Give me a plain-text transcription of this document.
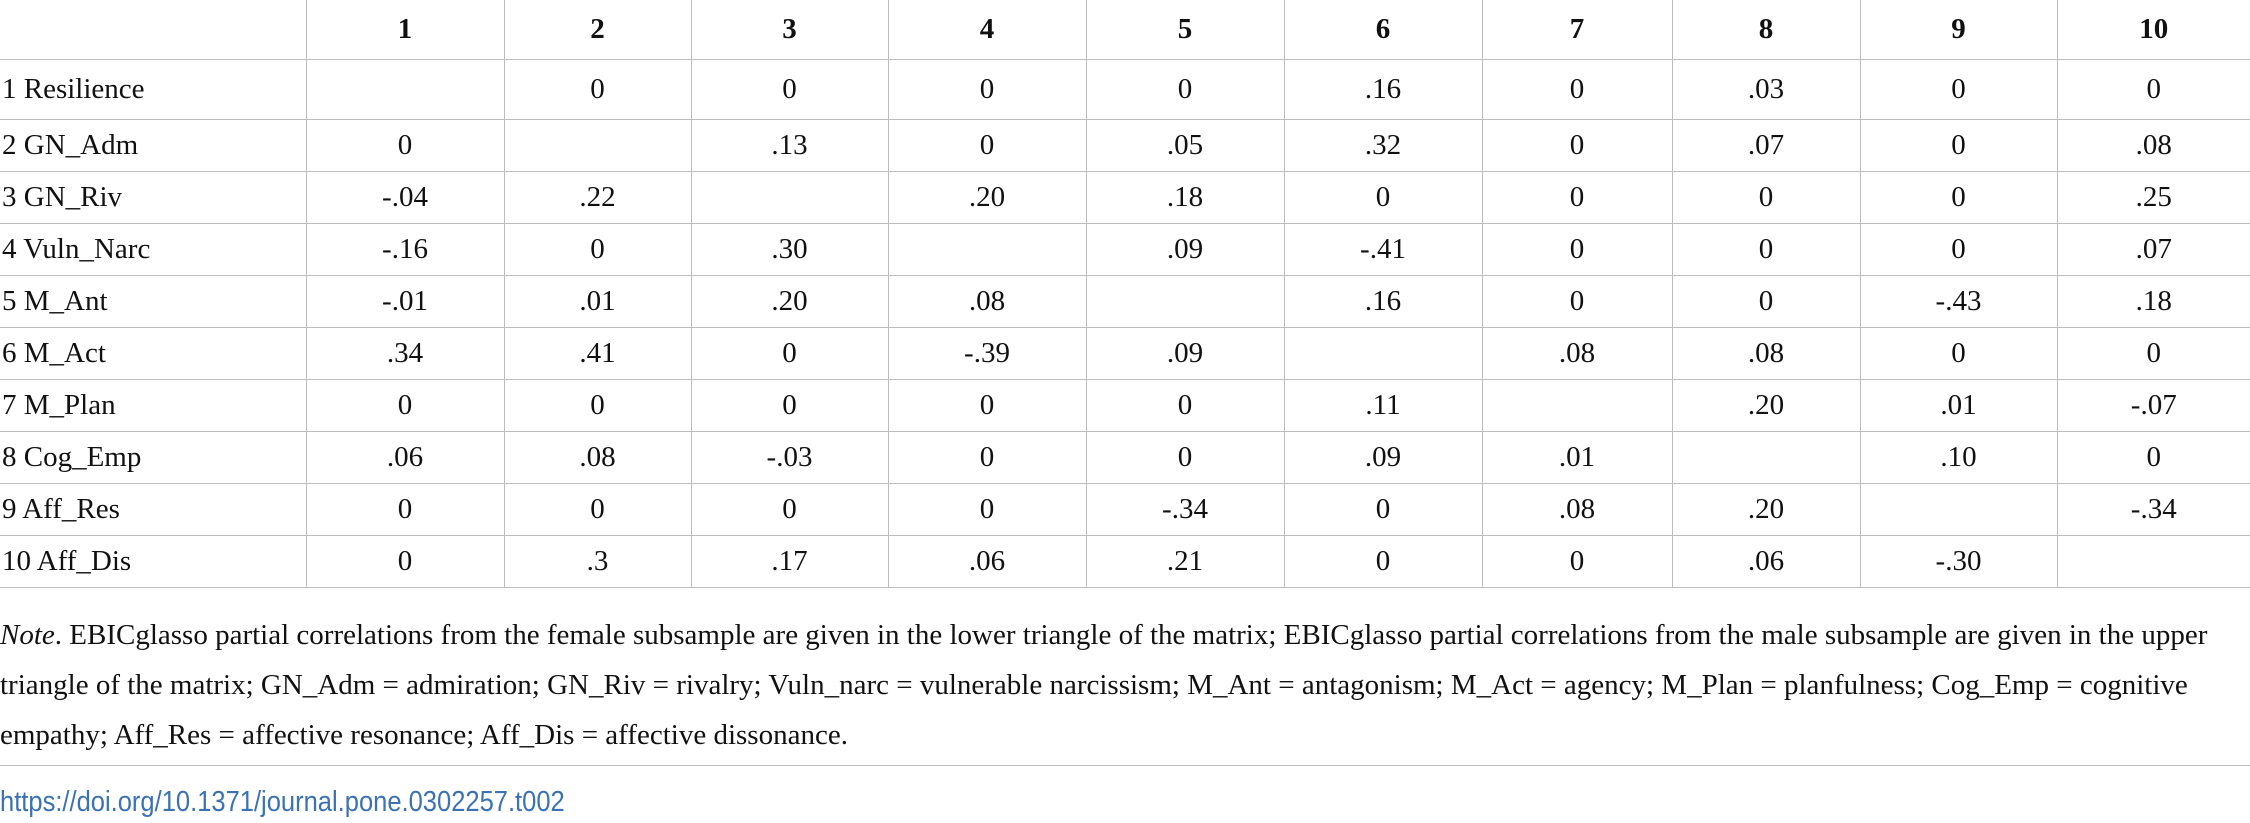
	1	2	3	4	5	6	7	8	9	10
1 Resilience		0	0	0	0	.16	0	.03	0	0
2 GN_Adm	0		.13	0	.05	.32	0	.07	0	.08
3 GN_Riv	-.04	.22		.20	.18	0	0	0	0	.25
4 Vuln_Narc	-.16	0	.30		.09	-.41	0	0	0	.07
5 M_Ant	-.01	.01	.20	.08		.16	0	0	-.43	.18
6 M_Act	.34	.41	0	-.39	.09		.08	.08	0	0
7 M_Plan	0	0	0	0	0	.11		.20	.01	-.07
8 Cog_Emp	.06	.08	-.03	0	0	.09	.01		.10	0
9 Aff_Res	0	0	0	0	-.34	0	.08	.20		-.34
10 Aff_Dis	0	.3	.17	.06	.21	0	0	.06	-.30	

Note. EBICglasso partial correlations from the female subsample are given in the lower triangle of the matrix; EBICglasso partial correlations from the male subsample are given in the upper triangle of the matrix; GN_Adm = admiration; GN_Riv = rivalry; Vuln_narc = vulnerable narcissism; M_Ant = antagonism; M_Act = agency; M_Plan = planfulness; Cog_Emp = cognitive empathy; Aff_Res = affective resonance; Aff_Dis = affective dissonance.

https://doi.org/10.1371/journal.pone.0302257.t002
